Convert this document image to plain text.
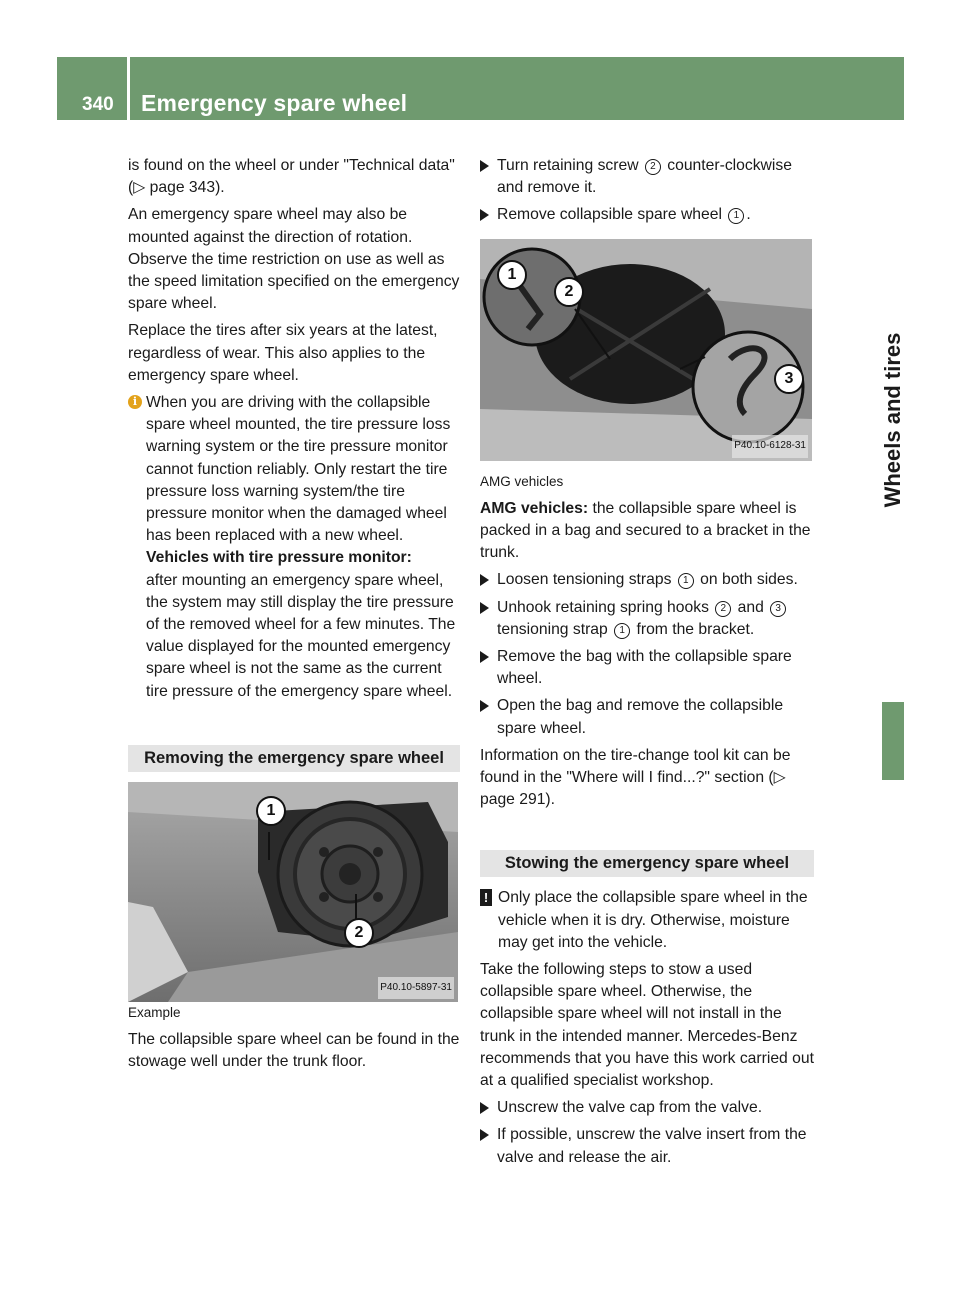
340 Emergency spare wheel
Wheels and tires

is found on the wheel or under "Technical data" (▷ page 343).

An emergency spare wheel may also be mounted against the direction of rotation. Observe the time restriction on use as well as the speed limitation specified on the emergency spare wheel.

Replace the tires after six years at the latest, regardless of wear. This also applies to the emergency spare wheel.

i When you are driving with the collapsible spare wheel mounted, the tire pressure loss warning system or the tire pressure monitor cannot function reliably. Only restart the tire pressure loss warning system/the tire pressure monitor when the damaged wheel has been replaced with a new wheel.

Vehicles with tire pressure monitor:
after mounting an emergency spare wheel, the system may still display the tire pressure of the removed wheel for a few minutes. The value displayed for the mounted emergency spare wheel is not the same as the current tire pressure of the emergency spare wheel.

Removing the emergency spare wheel
1
2
P40.10-5897-31

Example

The collapsible spare wheel can be found in the stowage well under the trunk floor.

Turn retaining screw 2 counter-clockwise and remove it.
Remove collapsible spare wheel 1 .
1
2
3
P40.10-6128-31

AMG vehicles

AMG vehicles: the collapsible spare wheel is packed in a bag and secured to a bracket in the trunk.

Loosen tensioning straps 1 on both sides.
Unhook retaining spring hooks 2 and 3 tensioning strap 1 from the bracket.
Remove the bag with the collapsible spare wheel.
Open the bag and remove the collapsible spare wheel.

Information on the tire-change tool kit can be found in the "Where will I find...?" section (▷ page 291).

Stowing the emergency spare wheel
! Only place the collapsible spare wheel in the vehicle when it is dry. Otherwise, moisture may get into the vehicle.

Take the following steps to stow a used collapsible spare wheel. Otherwise, the collapsible spare wheel will not install in the trunk in the intended manner. Mercedes-Benz recommends that you have this work carried out at a qualified specialist workshop.

Unscrew the valve cap from the valve.
If possible, unscrew the valve insert from the valve and release the air.
